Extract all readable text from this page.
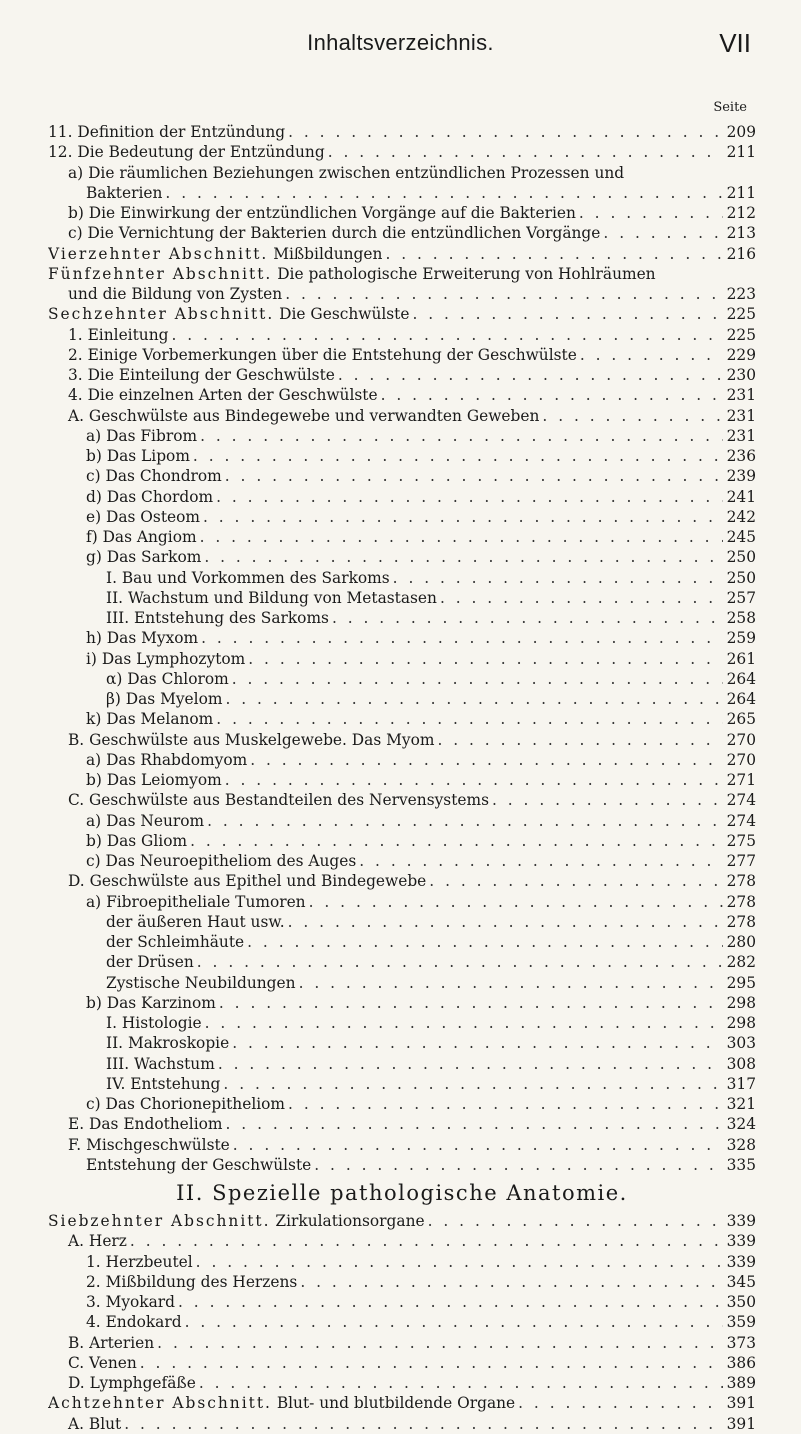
Inhaltsverzeichnis.	VII
Seite
11. Definition der Entzündung . . .	209
12. Die Bedeutung der Entzündung . . .	211
a) Die räumlichen Beziehungen zwischen entzündlichen Prozessen und
Bakterien . . .	211
b) Die Einwirkung der entzündlichen Vorgänge auf die Bakterien . . .	212
c) Die Vernichtung der Bakterien durch die entzündlichen Vorgänge . . .	213
Vierzehnter Abschnitt. Mißbildungen . . .	216
Fünfzehnter Abschnitt. Die pathologische Erweiterung von Hohlräumen
und die Bildung von Zysten . . .	223
Sechzehnter Abschnitt. Die Geschwülste . . .	225
1. Einleitung . . .	225
2. Einige Vorbemerkungen über die Entstehung der Geschwülste . . .	229
3. Die Einteilung der Geschwülste . . .	230
4. Die einzelnen Arten der Geschwülste . . .	231
A. Geschwülste aus Bindegewebe und verwandten Geweben . . .	231
a) Das Fibrom . . .	231
b) Das Lipom . . .	236
c) Das Chondrom . . .	239
d) Das Chordom . . .	241
e) Das Osteom . . .	242
f) Das Angiom . . .	245
g) Das Sarkom . . .	250
I. Bau und Vorkommen des Sarkoms . . .	250
II. Wachstum und Bildung von Metastasen . . .	257
III. Entstehung des Sarkoms . . .	258
h) Das Myxom . . .	259
i) Das Lymphozytom . . .	261
α) Das Chlorom . . .	264
β) Das Myelom . . .	264
k) Das Melanom . . .	265
B. Geschwülste aus Muskelgewebe. Das Myom . . .	270
a) Das Rhabdomyom . . .	270
b) Das Leiomyom . . .	271
C. Geschwülste aus Bestandteilen des Nervensystems . . .	274
a) Das Neurom . . .	274
b) Das Gliom . . .	275
c) Das Neuroepitheliom des Auges . . .	277
D. Geschwülste aus Epithel und Bindegewebe . . .	278
a) Fibroepitheliale Tumoren . . .	278
der äußeren Haut usw. . . .	278
der Schleimhäute . . .	280
der Drüsen . . .	282
Zystische Neubildungen . . .	295
b) Das Karzinom . . .	298
I. Histologie . . .	298
II. Makroskopie . . .	303
III. Wachstum . . .	308
IV. Entstehung . . .	317
c) Das Chorionepitheliom . . .	321
E. Das Endotheliom . . .	324
F. Mischgeschwülste . . .	328
Entstehung der Geschwülste . . .	335
II. Spezielle pathologische Anatomie.
Siebzehnter Abschnitt. Zirkulationsorgane . . .	339
A. Herz . . .	339
1. Herzbeutel . . .	339
2. Mißbildung des Herzens . . .	345
3. Myokard . . .	350
4. Endokard . . .	359
B. Arterien . . .	373
C. Venen . . .	386
D. Lymphgefäße . . .	389
Achtzehnter Abschnitt. Blut- und blutbildende Organe . . .	391
A. Blut . . .	391
